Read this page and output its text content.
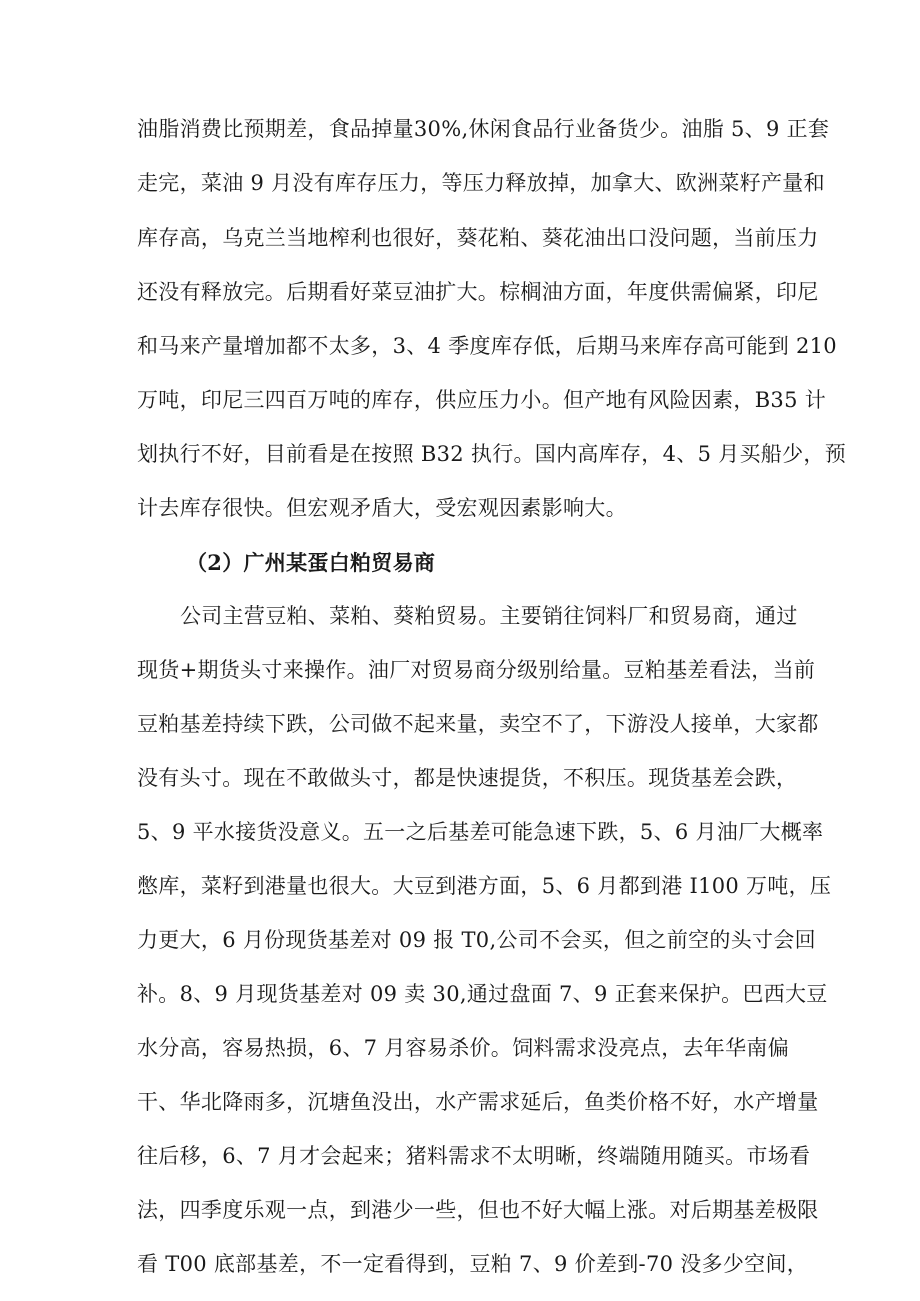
油脂消费比预期差，食品掉量30%,休闲食品行业备货少。油脂 5、9 正套
走完，菜油 9 月没有库存压力，等压力释放掉，加拿大、欧洲菜籽产量和
库存高，乌克兰当地榨利也很好，葵花粕、葵花油出口没问题，当前压力
还没有释放完。后期看好菜豆油扩大。棕榈油方面，年度供需偏紧，印尼
和马来产量增加都不太多，3、4 季度库存低，后期马来库存高可能到 210
万吨，印尼三四百万吨的库存，供应压力小。但产地有风险因素，B35 计
划执行不好，目前看是在按照 B32 执行。国内高库存，4、5 月买船少，预
计去库存很快。但宏观矛盾大，受宏观因素影响大。
（2）广州某蛋白粕贸易商
公司主营豆粕、菜粕、葵粕贸易。主要销往饲料厂和贸易商，通过
现货+期货头寸来操作。油厂对贸易商分级别给量。豆粕基差看法，当前
豆粕基差持续下跌，公司做不起来量，卖空不了，下游没人接单，大家都
没有头寸。现在不敢做头寸，都是快速提货，不积压。现货基差会跌，
5、9 平水接货没意义。五一之后基差可能急速下跌，5、6 月油厂大概率
憋库，菜籽到港量也很大。大豆到港方面，5、6 月都到港 I100 万吨，压
力更大，6 月份现货基差对 09 报 T0,公司不会买，但之前空的头寸会回
补。8、9 月现货基差对 09 卖 30,通过盘面 7、9 正套来保护。巴西大豆
水分高，容易热损，6、7 月容易杀价。饲料需求没亮点，去年华南偏
干、华北降雨多，沉塘鱼没出，水产需求延后，鱼类价格不好，水产增量
往后移，6、7 月才会起来；猪料需求不太明晰，终端随用随买。市场看
法，四季度乐观一点，到港少一些，但也不好大幅上涨。对后期基差极限
看 T00 底部基差，不一定看得到，豆粕 7、9 价差到-70 没多少空间，
